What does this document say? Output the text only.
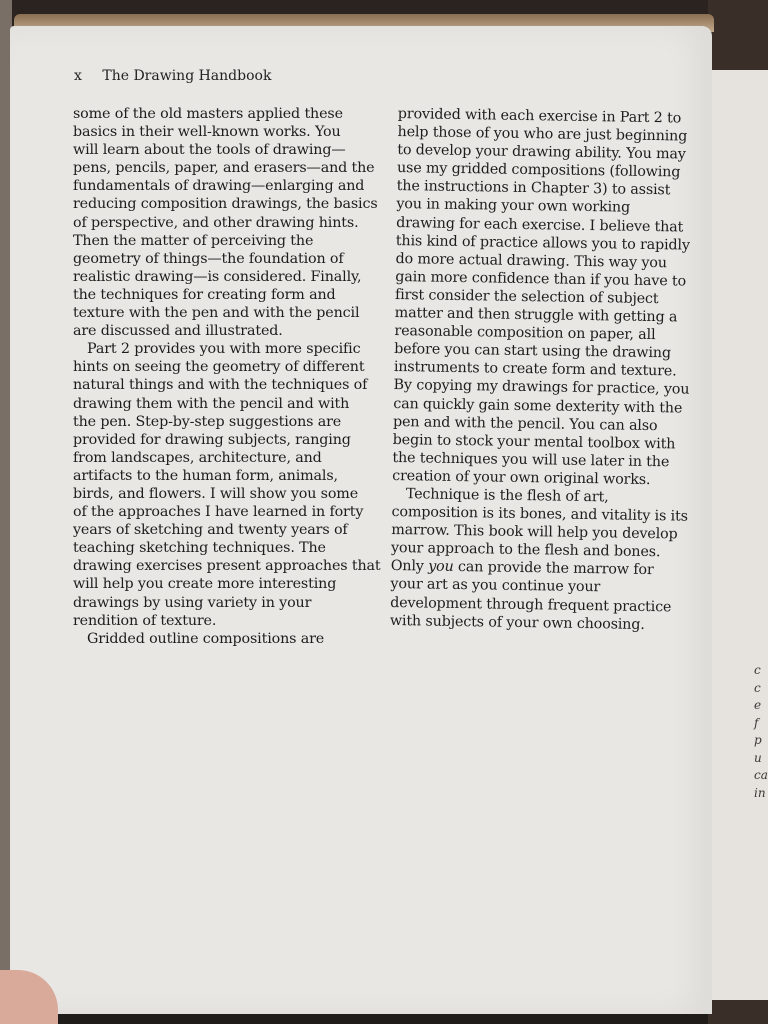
c
c
e
f
p
u
ca
in
x The Drawing Handbook
some of the old masters applied these
basics in their well-known works. You
will learn about the tools of drawing—
pens, pencils, paper, and erasers—and the
fundamentals of drawing—enlarging and
reducing composition drawings, the basics
of perspective, and other drawing hints.
Then the matter of perceiving the
geometry of things—the foundation of
realistic drawing—is considered. Finally,
the techniques for creating form and
texture with the pen and with the pencil
are discussed and illustrated.
Part 2 provides you with more specific
hints on seeing the geometry of different
natural things and with the techniques of
drawing them with the pencil and with
the pen. Step-by-step suggestions are
provided for drawing subjects, ranging
from landscapes, architecture, and
artifacts to the human form, animals,
birds, and flowers. I will show you some
of the approaches I have learned in forty
years of sketching and twenty years of
teaching sketching techniques. The
drawing exercises present approaches that
will help you create more interesting
drawings by using variety in your
rendition of texture.
Gridded outline compositions are
provided with each exercise in Part 2 to
help those of you who are just beginning
to develop your drawing ability. You may
use my gridded compositions (following
the instructions in Chapter 3) to assist
you in making your own working
drawing for each exercise. I believe that
this kind of practice allows you to rapidly
do more actual drawing. This way you
gain more confidence than if you have to
first consider the selection of subject
matter and then struggle with getting a
reasonable composition on paper, all
before you can start using the drawing
instruments to create form and texture.
By copying my drawings for practice, you
can quickly gain some dexterity with the
pen and with the pencil. You can also
begin to stock your mental toolbox with
the techniques you will use later in the
creation of your own original works.
Technique is the flesh of art,
composition is its bones, and vitality is its
marrow. This book will help you develop
your approach to the flesh and bones.
Only you can provide the marrow for
your art as you continue your
development through frequent practice
with subjects of your own choosing.
